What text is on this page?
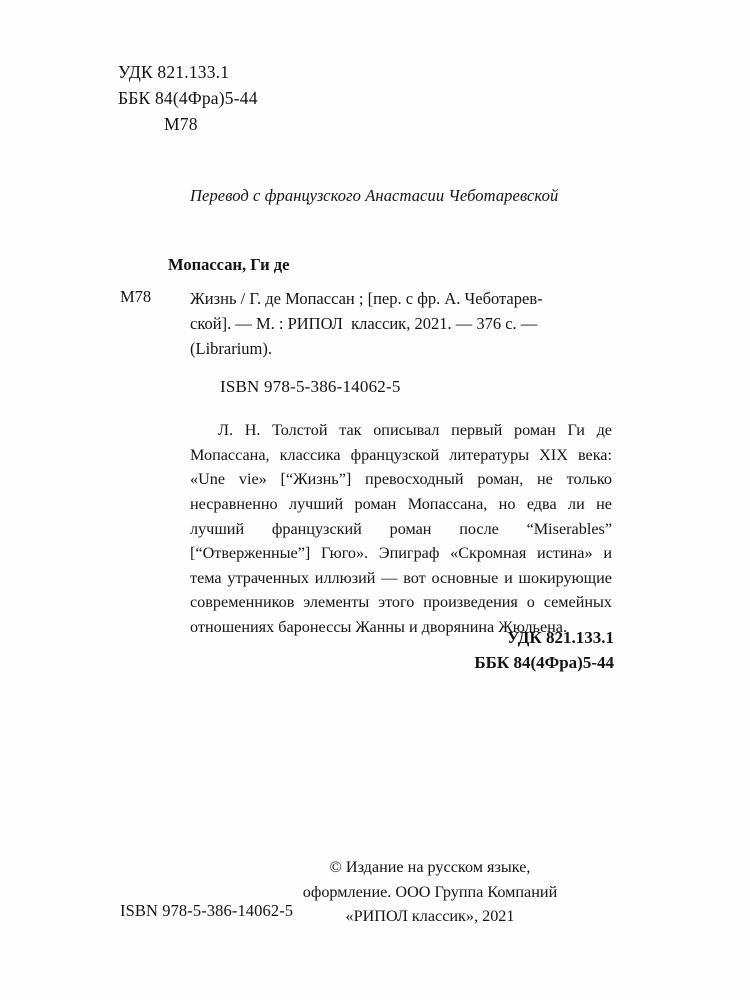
УДК 821.133.1
ББК 84(4Фра)5-44
М78
Перевод с французского Анастасии Чеботаревской
Мопассан, Ги де
М78 Жизнь / Г. де Мопассан ; [пер. с фр. А. Чеботарев-
ской]. — М. : РИПОЛ  классик, 2021. — 376 с. —
(Librarium).
ISBN 978-5-386-14062-5
Л. Н. Толстой так описывал первый роман Ги де Мопассана, классика французской литературы XIX века: «Une vie» [“Жизнь”] превосходный роман, не только несравненно лучший роман Мопассана, но едва ли не лучший французский роман после “Miserables” [“Отверженные”] Гюго». Эпиграф «Скромная истина» и тема утраченных иллюзий — вот основные и шокирующие современников элементы этого произведения о семейных отношениях баронессы Жанны и дворянина Жюльена.
УДК 821.133.1
ББК 84(4Фра)5-44
© Издание на русском языке,
оформление. ООО Группа Компаний
«РИПОЛ классик», 2021
ISBN 978-5-386-14062-5
